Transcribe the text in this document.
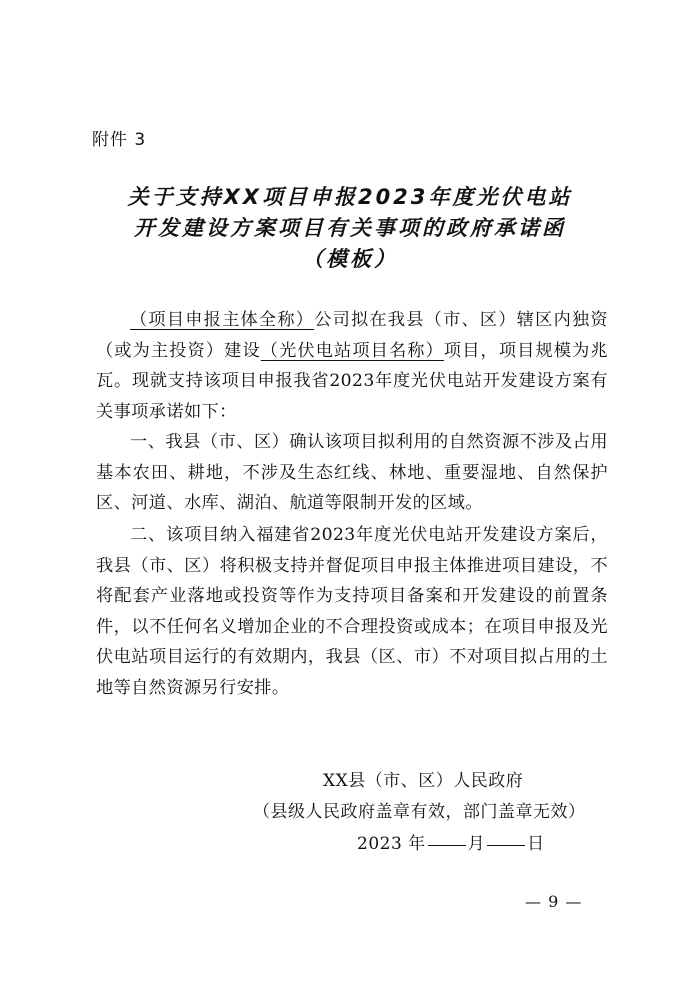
附件 3
关于支持XX项目申报2023年度光伏电站
开发建设方案项目有关事项的政府承诺函
（模板）

（项目申报主体全称）公司拟在我县（市、区）辖区内独资（或为主投资）建设（光伏电站项目名称）项目，项目规模为兆瓦。现就支持该项目申报我省2023年度光伏电站开发建设方案有关事项承诺如下：

一、我县（市、区）确认该项目拟利用的自然资源不涉及占用基本农田、耕地，不涉及生态红线、林地、重要湿地、自然保护区、河道、水库、湖泊、航道等限制开发的区域。

二、该项目纳入福建省2023年度光伏电站开发建设方案后，我县（市、区）将积极支持并督促项目申报主体推进项目建设，不将配套产业落地或投资等作为支持项目备案和开发建设的前置条件，以不任何名义增加企业的不合理投资或成本；在项目申报及光伏电站项目运行的有效期内，我县（区、市）不对项目拟占用的土地等自然资源另行安排。

XX县（市、区）人民政府
（县级人民政府盖章有效，部门盖章无效）
2023 年 月 日
— 9 —
